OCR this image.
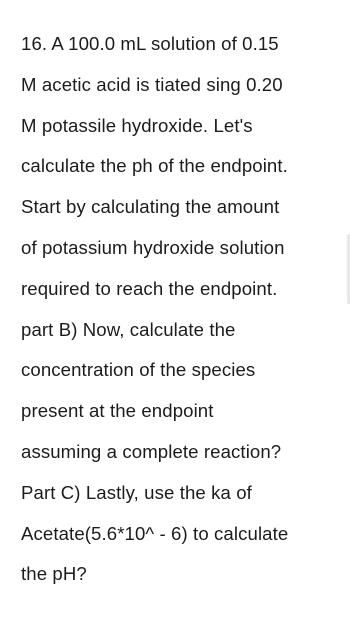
16. A 100.0 mL solution of 0.15
M acetic acid is tiated sing 0.20
M potassile hydroxide. Let's
calculate the ph of the endpoint.
Start by calculating the amount
of potassium hydroxide solution
required to reach the endpoint.
part B) Now, calculate the
concentration of the species
present at the endpoint
assuming a complete reaction?
Part C) Lastly, use the ka of
Acetate(5.6*10^ - 6) to calculate
the pH?
